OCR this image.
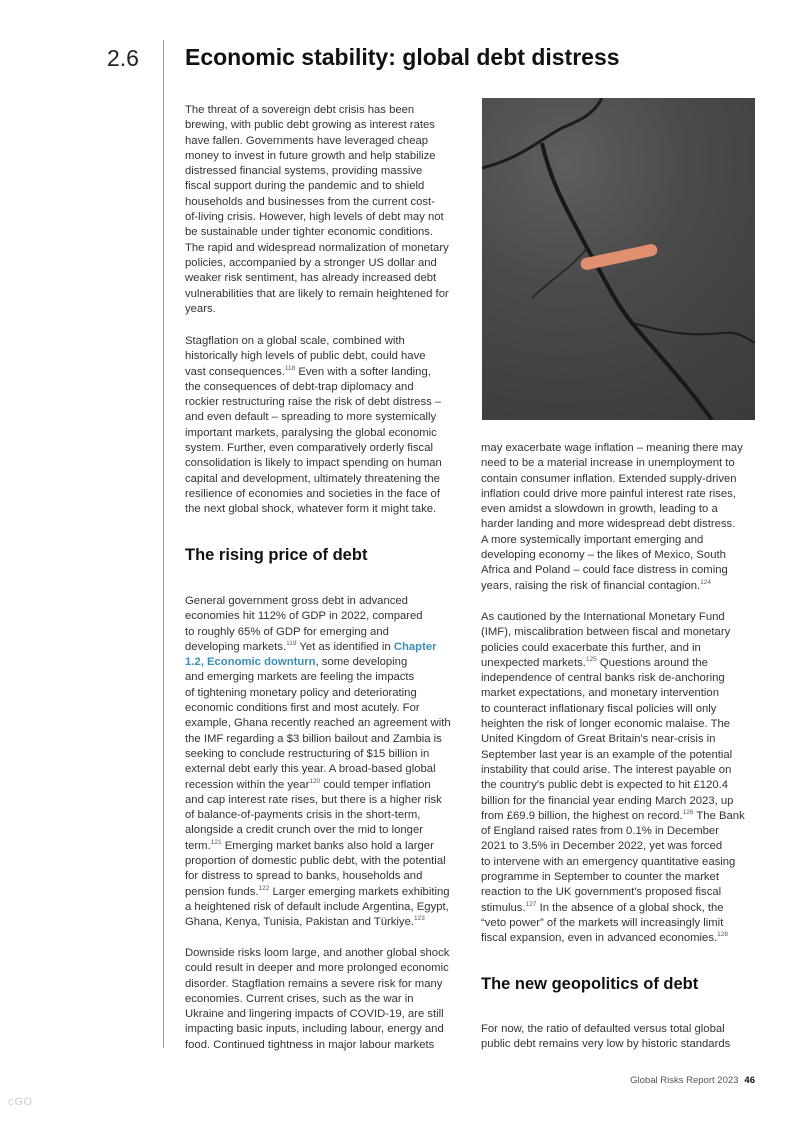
2.6 Economic stability: global debt distress
The threat of a sovereign debt crisis has been
brewing, with public debt growing as interest rates
have fallen. Governments have leveraged cheap
money to invest in future growth and help stabilize
distressed financial systems, providing massive
fiscal support during the pandemic and to shield
households and businesses from the current cost-
of-living crisis. However, high levels of debt may not
be sustainable under tighter economic conditions.
The rapid and widespread normalization of monetary
policies, accompanied by a stronger US dollar and
weaker risk sentiment, has already increased debt
vulnerabilities that are likely to remain heightened for
years.
Stagflation on a global scale, combined with
historically high levels of public debt, could have
vast consequences.$^{118}$ Even with a softer landing,
the consequences of debt-trap diplomacy and
rockier restructuring raise the risk of debt distress –
and even default – spreading to more systemically
important markets, paralysing the global economic
system. Further, even comparatively orderly fiscal
consolidation is likely to impact spending on human
capital and development, ultimately threatening the
resilience of economies and societies in the face of
the next global shock, whatever form it might take.
The rising price of debt
General government gross debt in advanced
economies hit 112% of GDP in 2022, compared
to roughly 65% of GDP for emerging and
developing markets.$^{119}$ Yet as identified in Chapter
1.2, Economic downturn, some developing
and emerging markets are feeling the impacts
of tightening monetary policy and deteriorating
economic conditions first and most acutely. For
example, Ghana recently reached an agreement with
the IMF regarding a $3 billion bailout and Zambia is
seeking to conclude restructuring of $15 billion in
external debt early this year. A broad-based global
recession within the year$^{120}$ could temper inflation
and cap interest rate rises, but there is a higher risk
of balance-of-payments crisis in the short-term,
alongside a credit crunch over the mid to longer
term.$^{121}$ Emerging market banks also hold a larger
proportion of domestic public debt, with the potential
for distress to spread to banks, households and
pension funds.$^{122}$ Larger emerging markets exhibiting
a heightened risk of default include Argentina, Egypt,
Ghana, Kenya, Tunisia, Pakistan and Türkiye.$^{123}$
Downside risks loom large, and another global shock
could result in deeper and more prolonged economic
disorder. Stagflation remains a severe risk for many
economies. Current crises, such as the war in
Ukraine and lingering impacts of COVID-19, are still
impacting basic inputs, including labour, energy and
food. Continued tightness in major labour markets
may exacerbate wage inflation – meaning there may
need to be a material increase in unemployment to
contain consumer inflation. Extended supply-driven
inflation could drive more painful interest rate rises,
even amidst a slowdown in growth, leading to a
harder landing and more widespread debt distress.
A more systemically important emerging and
developing economy – the likes of Mexico, South
Africa and Poland – could face distress in coming
years, raising the risk of financial contagion.$^{124}$
As cautioned by the International Monetary Fund
(IMF), miscalibration between fiscal and monetary
policies could exacerbate this further, and in
unexpected markets.$^{125}$ Questions around the
independence of central banks risk de-anchoring
market expectations, and monetary intervention
to counteract inflationary fiscal policies will only
heighten the risk of longer economic malaise. The
United Kingdom of Great Britain's near-crisis in
September last year is an example of the potential
instability that could arise. The interest payable on
the country's public debt is expected to hit £120.4
billion for the financial year ending March 2023, up
from £69.9 billion, the highest on record.$^{126}$ The Bank
of England raised rates from 0.1% in December
2021 to 3.5% in December 2022, yet was forced
to intervene with an emergency quantitative easing
programme in September to counter the market
reaction to the UK government's proposed fiscal
stimulus.$^{127}$ In the absence of a global shock, the
“veto power” of the markets will increasingly limit
fiscal expansion, even in advanced economies.$^{128}$
The new geopolitics of debt
For now, the ratio of defaulted versus total global
public debt remains very low by historic standards
Global Risks Report 2023 46
ᶜᴳᴼ
